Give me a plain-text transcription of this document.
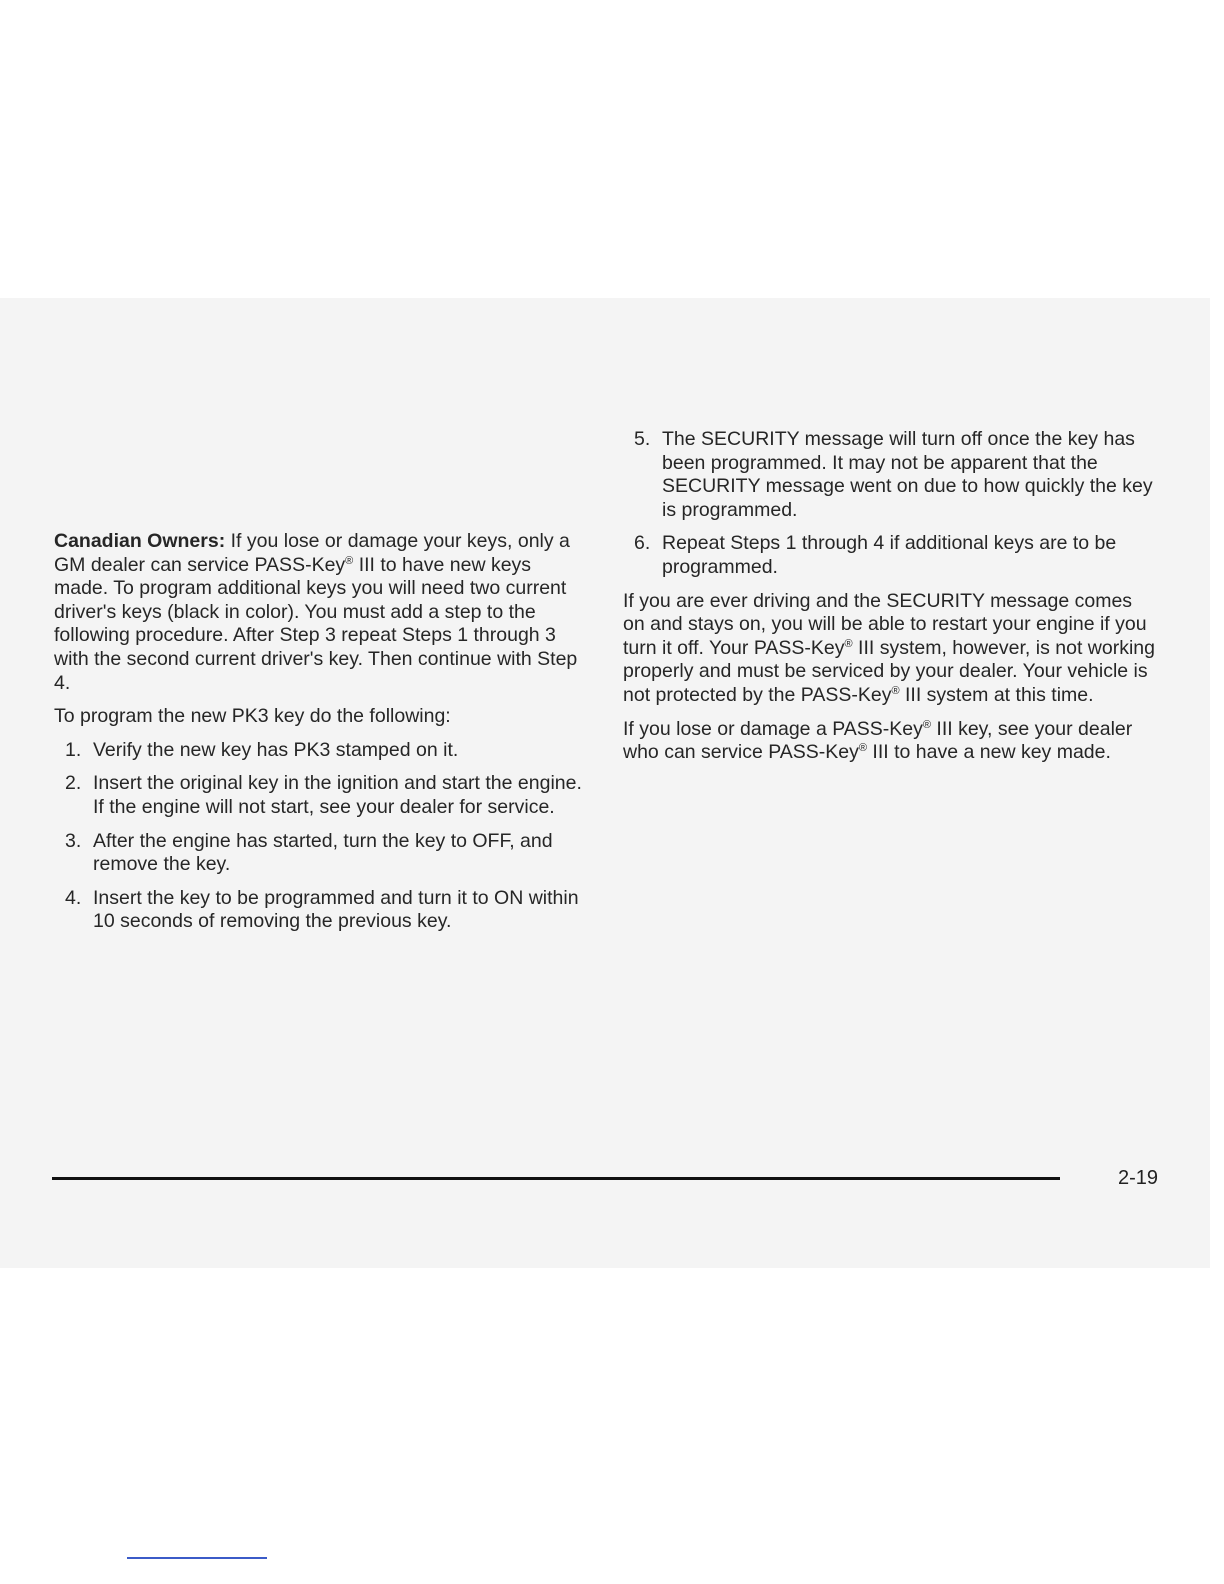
Canadian Owners: If you lose or damage your keys, only a GM dealer can service PASS-Key® III to have new keys made. To program additional keys you will need two current driver's keys (black in color). You must add a step to the following procedure. After Step 3 repeat Steps 1 through 3 with the second current driver's key. Then continue with Step 4.

To program the new PK3 key do the following:

1. Verify the new key has PK3 stamped on it.
2. Insert the original key in the ignition and start the engine. If the engine will not start, see your dealer for service.
3. After the engine has started, turn the key to OFF, and remove the key.
4. Insert the key to be programmed and turn it to ON within 10 seconds of removing the previous key.
5. The SECURITY message will turn off once the key has been programmed. It may not be apparent that the SECURITY message went on due to how quickly the key is programmed.
6. Repeat Steps 1 through 4 if additional keys are to be programmed.

If you are ever driving and the SECURITY message comes on and stays on, you will be able to restart your engine if you turn it off. Your PASS-Key® III system, however, is not working properly and must be serviced by your dealer. Your vehicle is not protected by the PASS-Key® III system at this time.

If you lose or damage a PASS-Key® III key, see your dealer who can service PASS-Key® III to have a new key made.

2-19
